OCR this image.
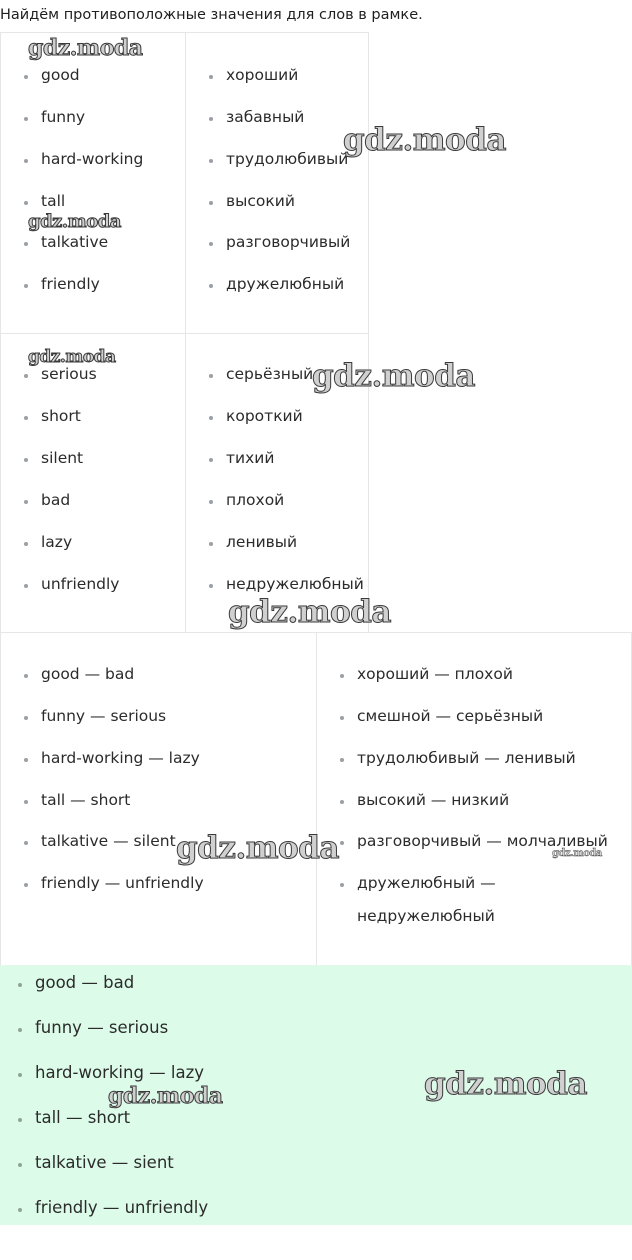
Найдём противоположные значения для слов в рамке.
good
funny
hard-working
tall
talkative
friendly
хороший
забавный
трудолюбивый
высокий
разговорчивый
дружелюбный
serious
short
silent
bad
lazy
unfriendly
серьёзный
короткий
тихий
плохой
ленивый
недружелюбный
good — bad
funny — serious
hard-working — lazy
tall — short
talkative — silent
friendly — unfriendly
хороший — плохой
смешной — серьёзный
трудолюбивый — ленивый
высокий — низкий
разговорчивый — молчаливый
дружелюбный —
недружелюбный
good — bad
funny — serious
hard-working — lazy
tall — short
talkative — sient
friendly — unfriendly
gdz.moda
gdz.moda
gdz.moda
gdz.moda
gdz.moda
gdz.moda
gdz.moda	gdz.moda
gdz.moda
gdz.moda
